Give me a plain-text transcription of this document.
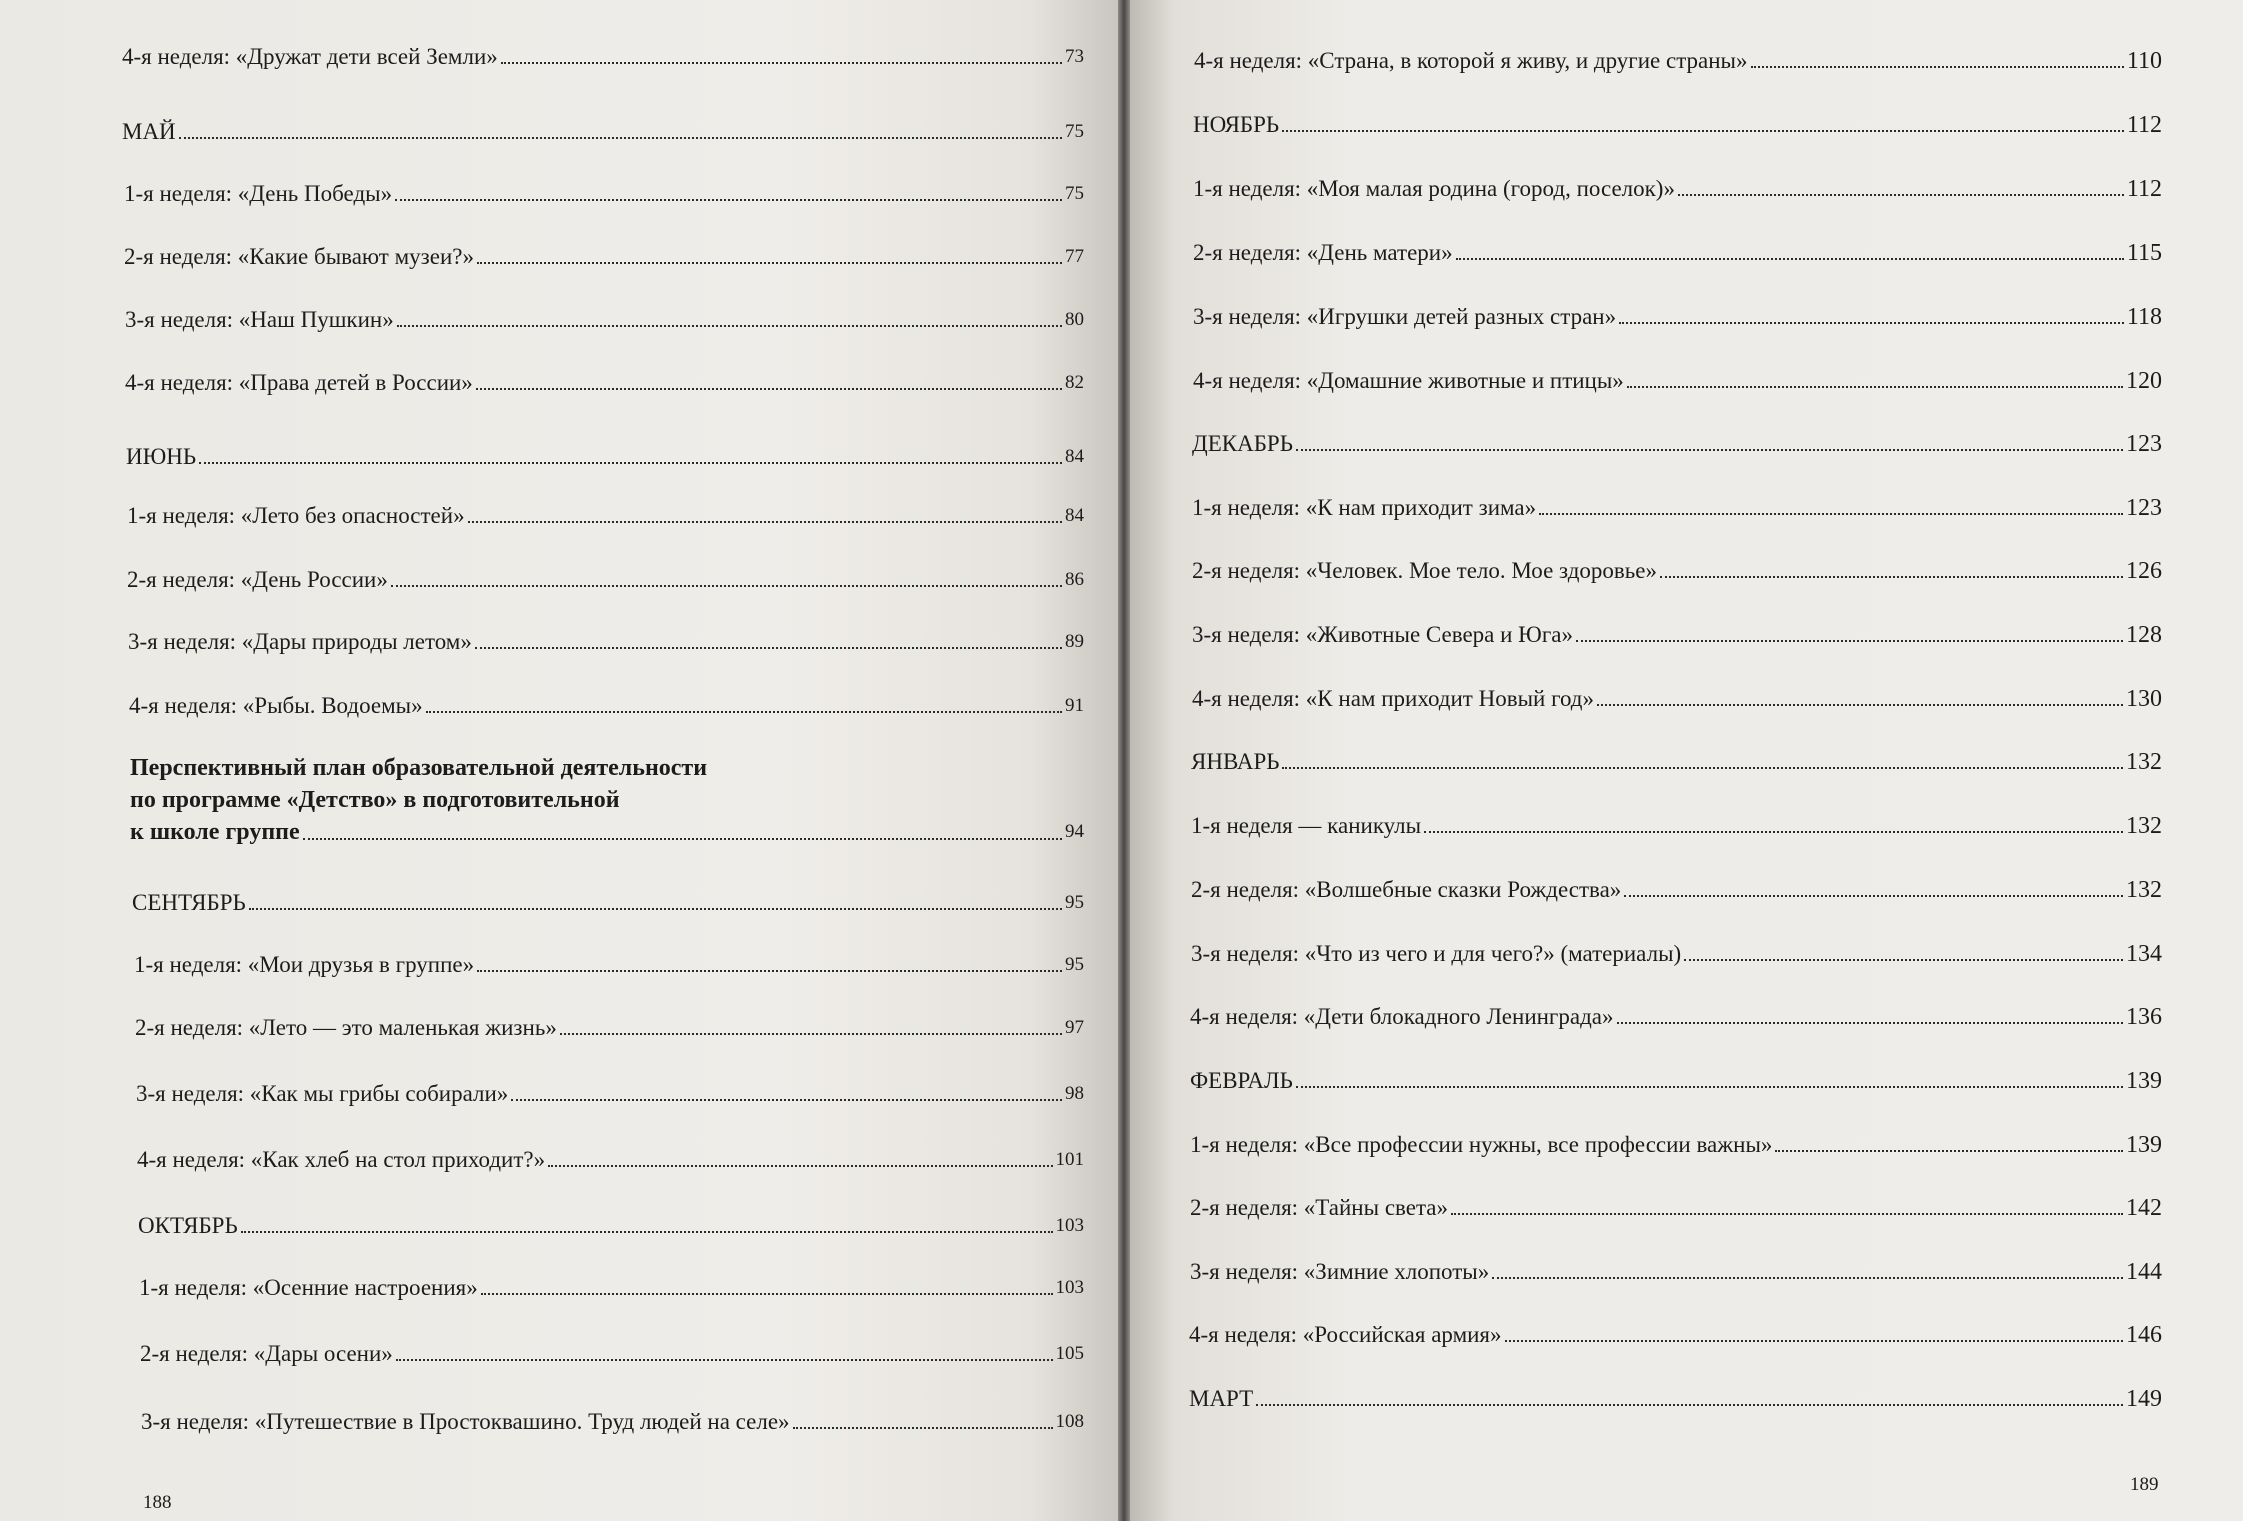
4-я неделя: «Дружат дети всей Земли»	73
МАЙ	75
1-я неделя: «День Победы»	75
2-я неделя: «Какие бывают музеи?»	77
3-я неделя: «Наш Пушкин»	80
4-я неделя: «Права детей в России»	82
ИЮНЬ	84
1-я неделя: «Лето без опасностей»	84
2-я неделя: «День России»	86
3-я неделя: «Дары природы летом»	89
4-я неделя: «Рыбы. Водоемы»	91
Перспективный план образовательной деятельности
по программе «Детство» в подготовительной
к школе группе	94
СЕНТЯБРЬ	95
1-я неделя: «Мои друзья в группе»	95
2-я неделя: «Лето — это маленькая жизнь»	97
3-я неделя: «Как мы грибы собирали»	98
4-я неделя: «Как хлеб на стол приходит?»	101
ОКТЯБРЬ	103
1-я неделя: «Осенние настроения»	103
2-я неделя: «Дары осени»	105
3-я неделя: «Путешествие в Простоквашино. Труд людей на селе»	108
188
4-я неделя: «Страна, в которой я живу, и другие страны»	110
НОЯБРЬ	112
1-я неделя: «Моя малая родина (город, поселок)»	112
2-я неделя: «День матери»	115
3-я неделя: «Игрушки детей разных стран»	118
4-я неделя: «Домашние животные и птицы»	120
ДЕКАБРЬ	123
1-я неделя: «К нам приходит зима»	123
2-я неделя: «Человек. Мое тело. Мое здоровье»	126
3-я неделя: «Животные Севера и Юга»	128
4-я неделя: «К нам приходит Новый год»	130
ЯНВАРЬ	132
1-я неделя — каникулы	132
2-я неделя: «Волшебные сказки Рождества»	132
3-я неделя: «Что из чего и для чего?» (материалы)	134
4-я неделя: «Дети блокадного Ленинграда»	136
ФЕВРАЛЬ	139
1-я неделя: «Все профессии нужны, все профессии важны»	139
2-я неделя: «Тайны света»	142
3-я неделя: «Зимние хлопоты»	144
4-я неделя: «Российская армия»	146
МАРТ	149
189
